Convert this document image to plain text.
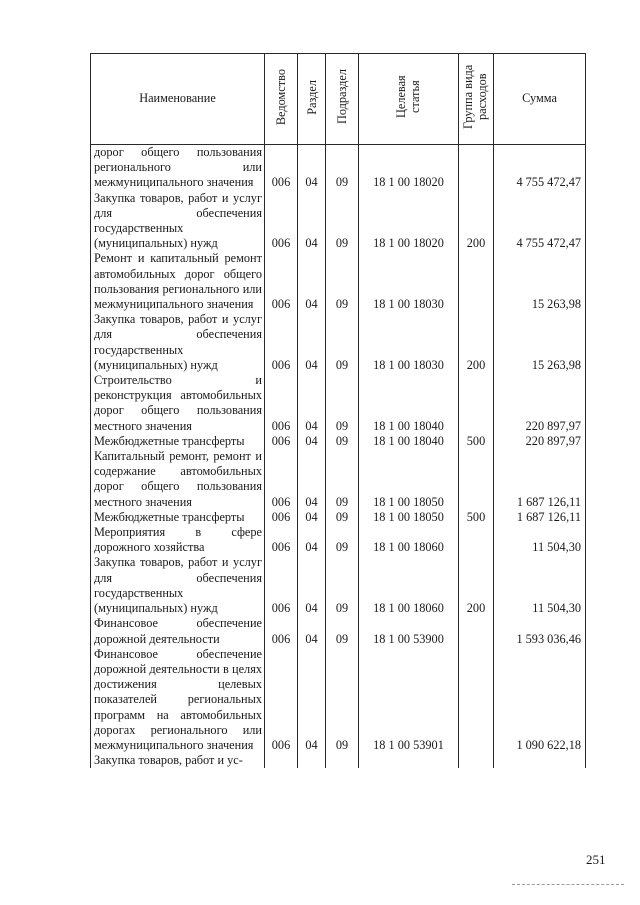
Наименование	Ведомство	Раздел	Подраздел	Целевая статья	Группа вида расходов	Сумма
дорог общего пользования регионального или межмуниципального значения	006	04	09	18 1 00 18020		4 755 472,47
Закупка товаров, работ и услуг для обеспечения государственных (муниципальных) нужд	006	04	09	18 1 00 18020	200	4 755 472,47
Ремонт и капитальный ремонт автомобильных дорог общего пользования регионального или межмуниципального значения	006	04	09	18 1 00 18030		15 263,98
Закупка товаров, работ и услуг для обеспечения государственных (муниципальных) нужд	006	04	09	18 1 00 18030	200	15 263,98
Строительство и реконструкция автомобильных дорог общего пользования местного значения	006	04	09	18 1 00 18040		220 897,97
Межбюджетные трансферты	006	04	09	18 1 00 18040	500	220 897,97
Капитальный ремонт, ремонт и содержание автомобильных дорог общего пользования местного значения	006	04	09	18 1 00 18050		1 687 126,11
Межбюджетные трансферты	006	04	09	18 1 00 18050	500	1 687 126,11
Мероприятия в сфере дорожного хозяйства	006	04	09	18 1 00 18060		11 504,30
Закупка товаров, работ и услуг для обеспечения государственных (муниципальных) нужд	006	04	09	18 1 00 18060	200	11 504,30
Финансовое обеспечение дорожной деятельности	006	04	09	18 1 00 53900		1 593 036,46
Финансовое обеспечение дорожной деятельности в целях достижения целевых показателей региональных программ на автомобильных дорогах регионального или межмуниципального значения	006	04	09	18 1 00 53901		1 090 622,18
Закупка товаров, работ и ус-						
251
